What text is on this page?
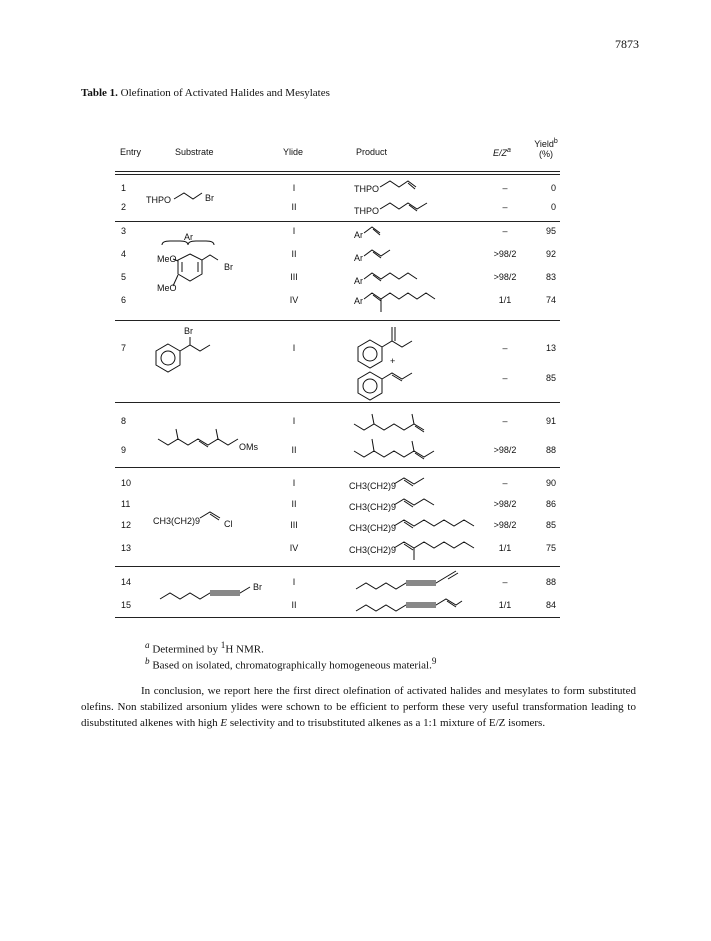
7873
Table 1. Olefination of Activated Halides and Mesylates
Entry	Substrate	Ylide	Product	$E/Z^a$
Yield$^b$
(%)
1	I	–	0
2	II	–	0
3	I	–	95
4	II	>98/2	92
5	III	>98/2	83
6	IV	1/1	74
7	I	–	13
–	85
8	I	–	91
9	II	>98/2	88
10	I	–	90
11	II	>98/2	86
12	III	>98/2	85
13	IV	1/1	75
14	I	–	88
15	II	1/1	84
THPO	Br
THPO
THPO
Ar
Br
MeO
MeO
Ar
Ar
Ar
Ar
Br
+
OMs
CH3(CH2)9	Cl
CH3(CH2)9
CH3(CH2)9
CH3(CH2)9
CH3(CH2)9
Br
$^a$ Determined by $^1$H NMR.
$^b$ Based on isolated, chromatographically homogeneous material.$^9$

In conclusion, we report here the first direct olefination of activated halides and mesylates to form substituted olefins. Non stabilized arsonium ylides were schown to be efficient to perform these very useful transformation leading to disubstituted alkenes with high E selectivity and to trisubstituted alkenes as a 1:1 mixture of E/Z isomers.
